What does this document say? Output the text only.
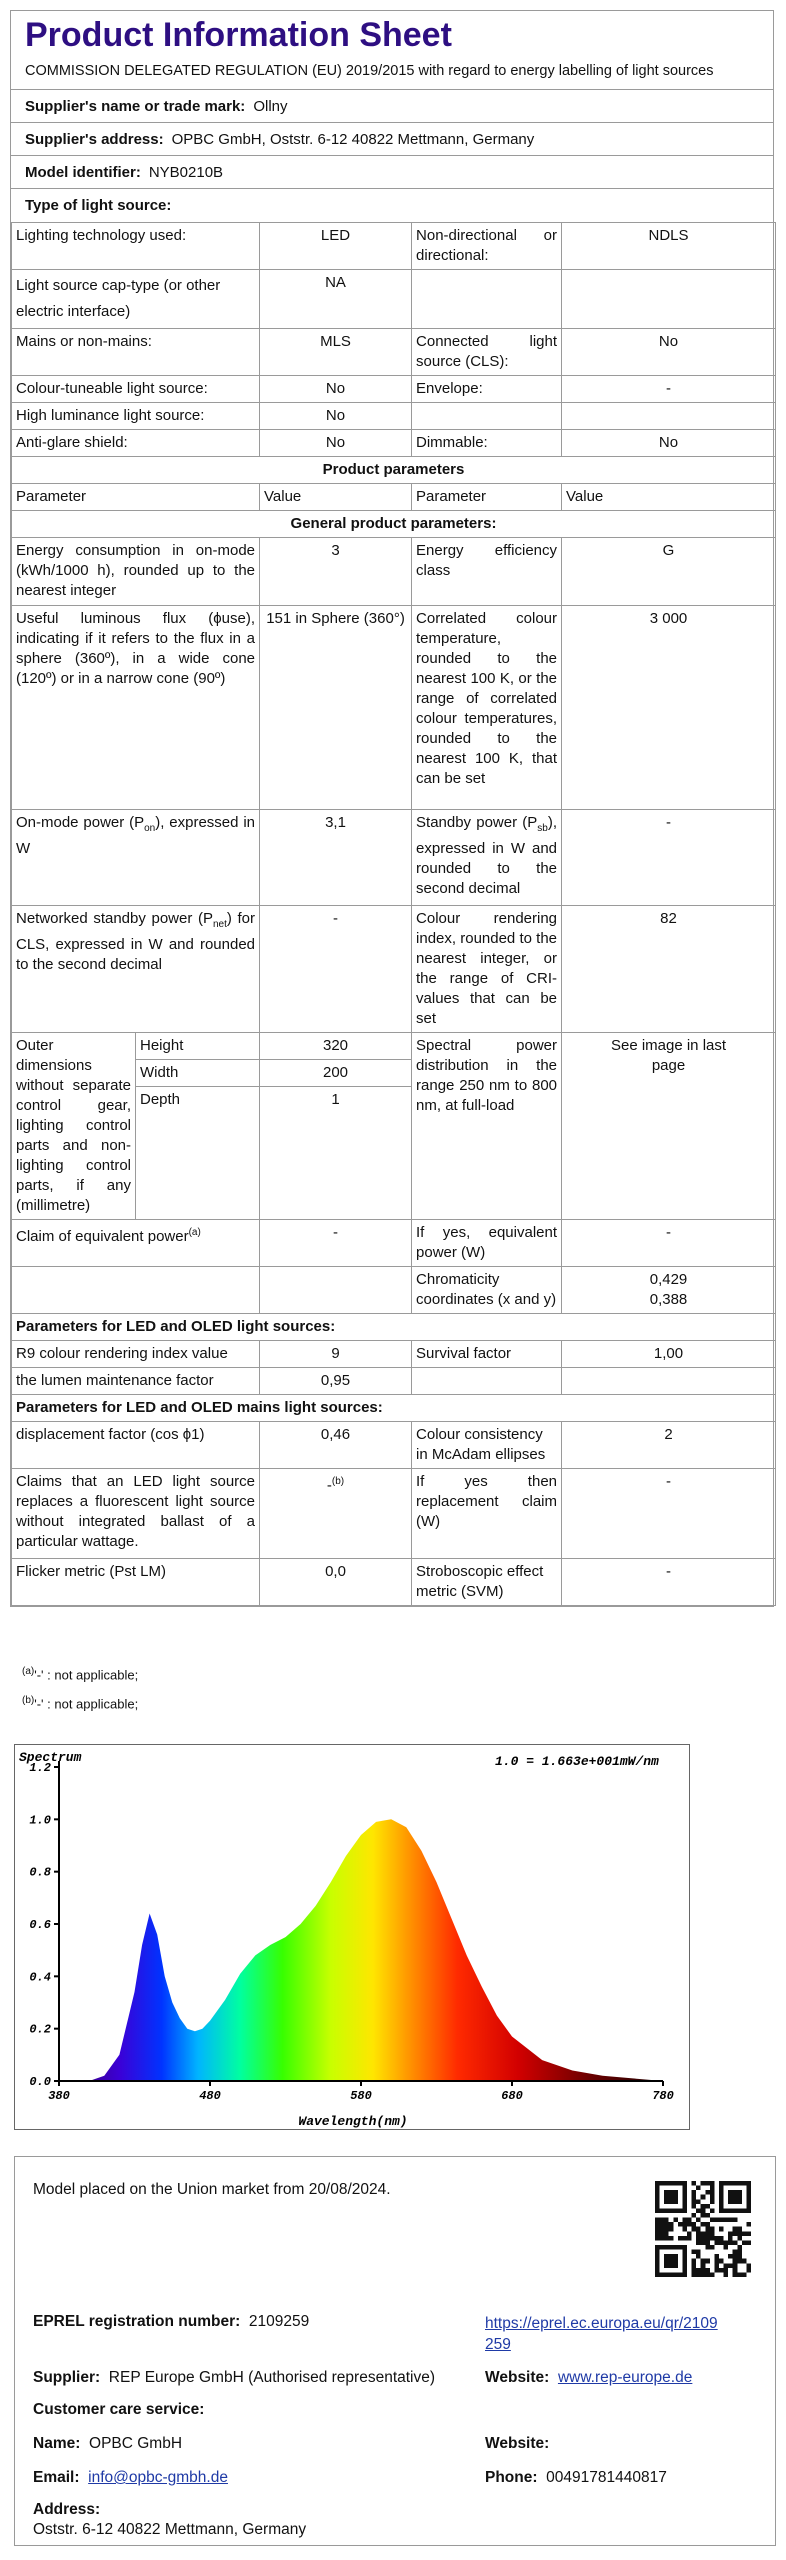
Product Information Sheet
COMMISSION DELEGATED REGULATION (EU) 2019/2015 with regard to energy labelling of light sources
Supplier's name or trade mark: Ollny
Supplier's address: OPBC GmbH, Oststr. 6-12 40822 Mettmann, Germany
Model identifier: NYB0210B
Type of light source:
Lighting technology used:		LED	Non-directional or directional:	NDLS
Light source cap-type (or other electric interface)		NA		
Mains or non-mains:		MLS	Connected light source (CLS):	No
Colour-tuneable light source:		No	Envelope:	-
High luminance light source:		No		
Anti-glare shield:		No	Dimmable:	No
Product parameters				
Parameter		Value	Parameter	Value
General product parameters:				
Energy consumption in on-mode (kWh/1000 h), rounded up to the nearest integer		3	Energy efficiency class	G
Useful luminous flux (ϕuse), indicating if it refers to the flux in a sphere (360º), in a wide cone (120º) or in a narrow cone (90º)		151 in Sphere (360°)	Correlated colour temperature, rounded to the nearest 100 K, or the range of correlated colour temperatures, rounded to the nearest 100 K, that can be set	3 000
On-mode power $(P_{on})$, expressed in W		3,1	Standby power $(P_{sb})$, expressed in W and rounded to the second decimal	-
Networked standby power $(P_{net})$ for CLS, expressed in W and rounded to the second decimal		-	Colour rendering index, rounded to the nearest integer, or the range of CRI-values that can be set	82
Outer dimensions without separate control gear, lighting control parts and non-lighting control parts, if any (millimetre)	Height	320	Spectral power distribution in the range 250 nm to 800 nm, at full-load	See image in last page
	Width	200		
	Depth	1		
Claim of equivalent power$^{(a)}$		-	If yes, equivalent power (W)	-
			Chromaticity coordinates (x and y)	0,429
0,388

Parameters for LED and OLED light sources:				
R9 colour rendering index value		9	Survival factor	1,00
the lumen maintenance factor		0,95		
Parameters for LED and OLED mains light sources:				
displacement factor (cos ϕ1)		0,46	Colour consistency in McAdam ellipses	2
Claims that an LED light source replaces a fluorescent light source without integrated ballast of a particular wattage.		-$^{(b)}$	If yes then replacement claim (W)	-
Flicker metric (Pst LM)		0,0	Stroboscopic effect metric (SVM)	-
$^{(a)}$'-' : not applicable;
$^{(b)}$'-' : not applicable;
0.0
0.2
0.4
0.6
0.8
1.0
1.2
380	480	580	680	780
Spectrum	1.0 = 1.663e+001mW/nm
Wavelength(nm)
Model placed on the Union market from 20/08/2024.
EPREL registration number: 2109259	https://eprel.ec.europa.eu/qr/2109259
Supplier: REP Europe GmbH (Authorised representative)	Website: www.rep-europe.de
Customer care service:
Name: OPBC GmbH	Website:
Email: info@opbc-gmbh.de	Phone: 00491781440817
Address:
Oststr. 6-12 40822 Mettmann, Germany
